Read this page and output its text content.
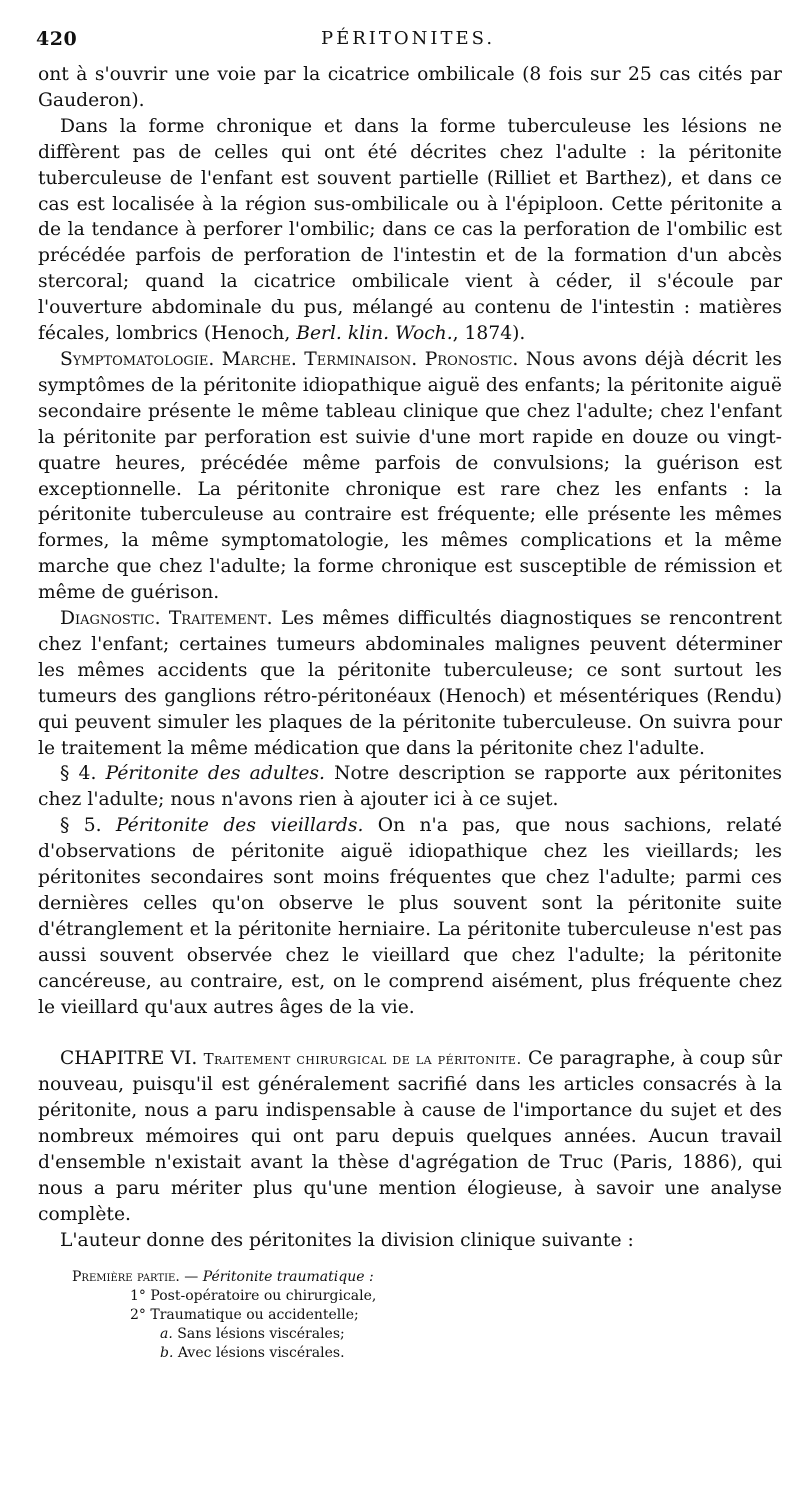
420	PÉRITONITES.

ont à s'ouvrir une voie par la cicatrice ombilicale (8 fois sur 25 cas cités par Gauderon).

Dans la forme chronique et dans la forme tuberculeuse les lésions ne diffèrent pas de celles qui ont été décrites chez l'adulte : la péritonite tuberculeuse de l'enfant est souvent partielle (Rilliet et Barthez), et dans ce cas est localisée à la région sus-ombilicale ou à l'épiploon. Cette péritonite a de la tendance à perforer l'ombilic; dans ce cas la perforation de l'ombilic est précédée parfois de perforation de l'intestin et de la formation d'un abcès stercoral; quand la cicatrice ombilicale vient à céder, il s'écoule par l'ouverture abdominale du pus, mélangé au contenu de l'intestin : matières fécales, lombrics (Henoch, Berl. klin. Woch., 1874).

Symptomatologie. Marche. Terminaison. Pronostic. Nous avons déjà décrit les symptômes de la péritonite idiopathique aiguë des enfants; la péritonite aiguë secondaire présente le même tableau clinique que chez l'adulte; chez l'enfant la péritonite par perforation est suivie d'une mort rapide en douze ou vingt-quatre heures, précédée même parfois de convulsions; la guérison est exceptionnelle. La péritonite chronique est rare chez les enfants : la péritonite tuberculeuse au contraire est fréquente; elle présente les mêmes formes, la même symptomatologie, les mêmes complications et la même marche que chez l'adulte; la forme chronique est susceptible de rémission et même de guérison.

Diagnostic. Traitement. Les mêmes difficultés diagnostiques se rencontrent chez l'enfant; certaines tumeurs abdominales malignes peuvent déterminer les mêmes accidents que la péritonite tuberculeuse; ce sont surtout les tumeurs des ganglions rétro-péritonéaux (Henoch) et mésentériques (Rendu) qui peuvent simuler les plaques de la péritonite tuberculeuse. On suivra pour le traitement la même médication que dans la péritonite chez l'adulte.

§ 4. Péritonite des adultes. Notre description se rapporte aux péritonites chez l'adulte; nous n'avons rien à ajouter ici à ce sujet.

§ 5. Péritonite des vieillards. On n'a pas, que nous sachions, relaté d'observations de péritonite aiguë idiopathique chez les vieillards; les péritonites secondaires sont moins fréquentes que chez l'adulte; parmi ces dernières celles qu'on observe le plus souvent sont la péritonite suite d'étranglement et la péritonite herniaire. La péritonite tuberculeuse n'est pas aussi souvent observée chez le vieillard que chez l'adulte; la péritonite cancéreuse, au contraire, est, on le comprend aisément, plus fréquente chez le vieillard qu'aux autres âges de la vie.

CHAPITRE VI. Traitement chirurgical de la péritonite. Ce paragraphe, à coup sûr nouveau, puisqu'il est généralement sacrifié dans les articles consacrés à la péritonite, nous a paru indispensable à cause de l'importance du sujet et des nombreux mémoires qui ont paru depuis quelques années. Aucun travail d'ensemble n'existait avant la thèse d'agrégation de Truc (Paris, 1886), qui nous a paru mériter plus qu'une mention élogieuse, à savoir une analyse complète.

L'auteur donne des péritonites la division clinique suivante :

Première partie. — Péritonite traumatique :
1° Post-opératoire ou chirurgicale,
2° Traumatique ou accidentelle;
a. Sans lésions viscérales;
b. Avec lésions viscérales.
